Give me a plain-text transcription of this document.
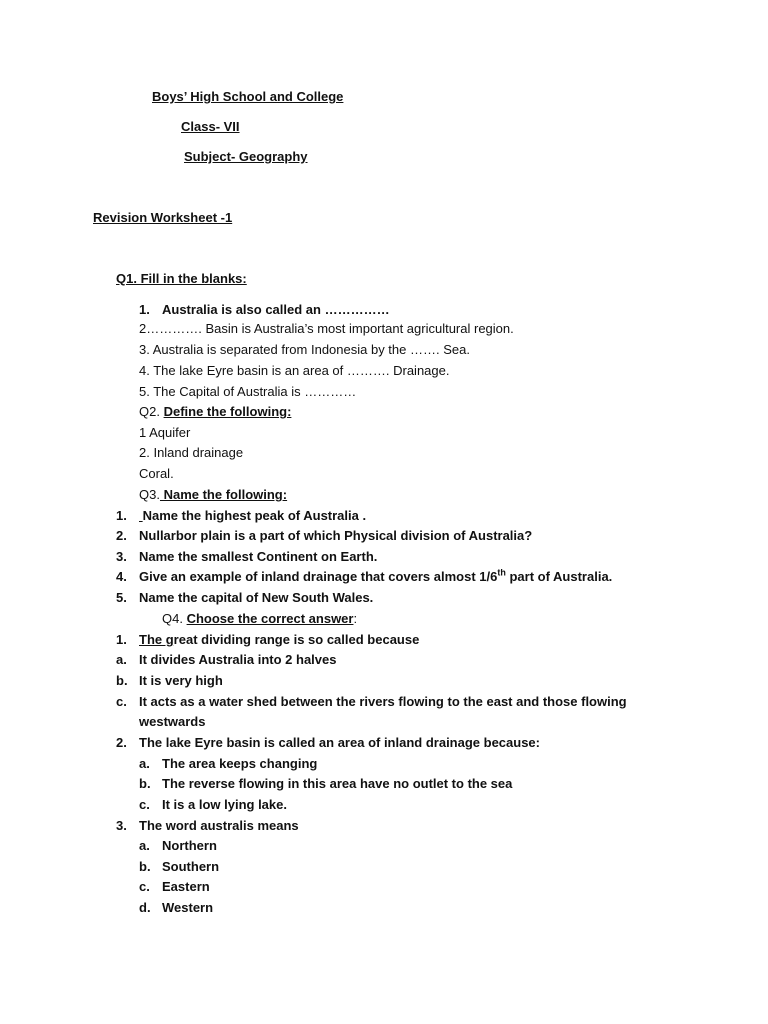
Boys’ High School and College
Class- VII
Subject- Geography
Revision Worksheet -1
Q1. Fill in the blanks:
1. Australia is also called an ……………
2…………. Basin is Australia’s most important agricultural region.
3. Australia is separated from Indonesia by the ……. Sea.
4. The lake Eyre basin is an area of ………. Drainage.
5. The Capital of Australia is …………
Q2. Define the following:
1 Aquifer
2. Inland drainage
Coral.
Q3. Name the following:
1. Name the highest peak of Australia .
2. Nullarbor plain is a part of which Physical division of Australia?
3. Name the smallest Continent on Earth.
4. Give an example of inland drainage that covers almost 1/6th part of Australia.
5. Name the capital of New South Wales.
Q4. Choose the correct answer:
1. The great dividing range is so called because
a. It divides Australia into 2 halves
b. It is very high
c. It acts as a water shed between the rivers flowing to the east and those flowing
westwards
2. The lake Eyre basin is called an area of inland drainage because:
a. The area keeps changing
b. The reverse flowing in this area have no outlet to the sea
c. It is a low lying lake.
3. The word australis means
a. Northern
b. Southern
c. Eastern
d. Western
